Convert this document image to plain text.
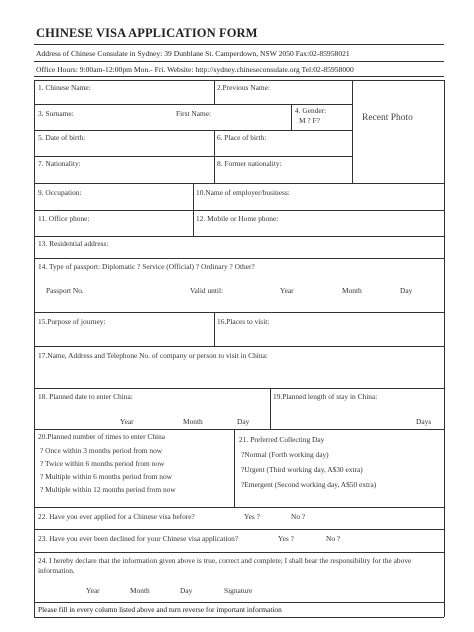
CHINESE VISA APPLICATION FORM
Address of Chinese Consulate in Sydney: 39 Dunblane St. Camperdown, NSW 2050 Fax:02-85958021
Office Hours: 9:00am-12:00pm Mon.- Fri. Website: http://sydney.chineseconsulate.org Tel:02-85958000
Recent Photo
1. Chinese Name:	2.Previous Name:
3. Surname:	First Name:	4. Gender:
M ? F?
5. Date of birth:	6. Place of birth:
7. Nationality:	8. Former nationality:
9. Occupation:	10.Name of employer/business:
11. Office phone:	12. Mobile or Home phone:
13. Residential address:
14. Type of passport: Diplomatic ? Service (Official) ? Ordinary ? Other?
Passport No.	Valid until:	Year	Month	Day
15.Purpose of journey:	16.Places to visit:
17.Name, Address and Telephone No. of company or person to visit in China:
18. Planned date to enter China:
Year	Month	Day
19.Planned length of stay in China:
Days
20.Planned number of times to enter China
? Once within 3 months period from now
? Twice within 6 months period from now
? Multiple within 6 months period from now
? Multiple within 12 months period from now
21. Preferred Collecting Day
?Normal (Forth working day)
?Urgent (Third working day, A$30 extra)
?Emergent (Second working day, A$50 extra)
22. Have you ever applied for a Chinese visa before?	Yes ?	No ?
23. Have you ever been declined for your Chinese visa application?	Yes ?	No ?
24. I hereby declare that the information given above is true, correct and complete; I shall bear the responsibility for the above information.
Year	Month	Day	Signature
Please fill in every column listed above and turn reverse for important information
